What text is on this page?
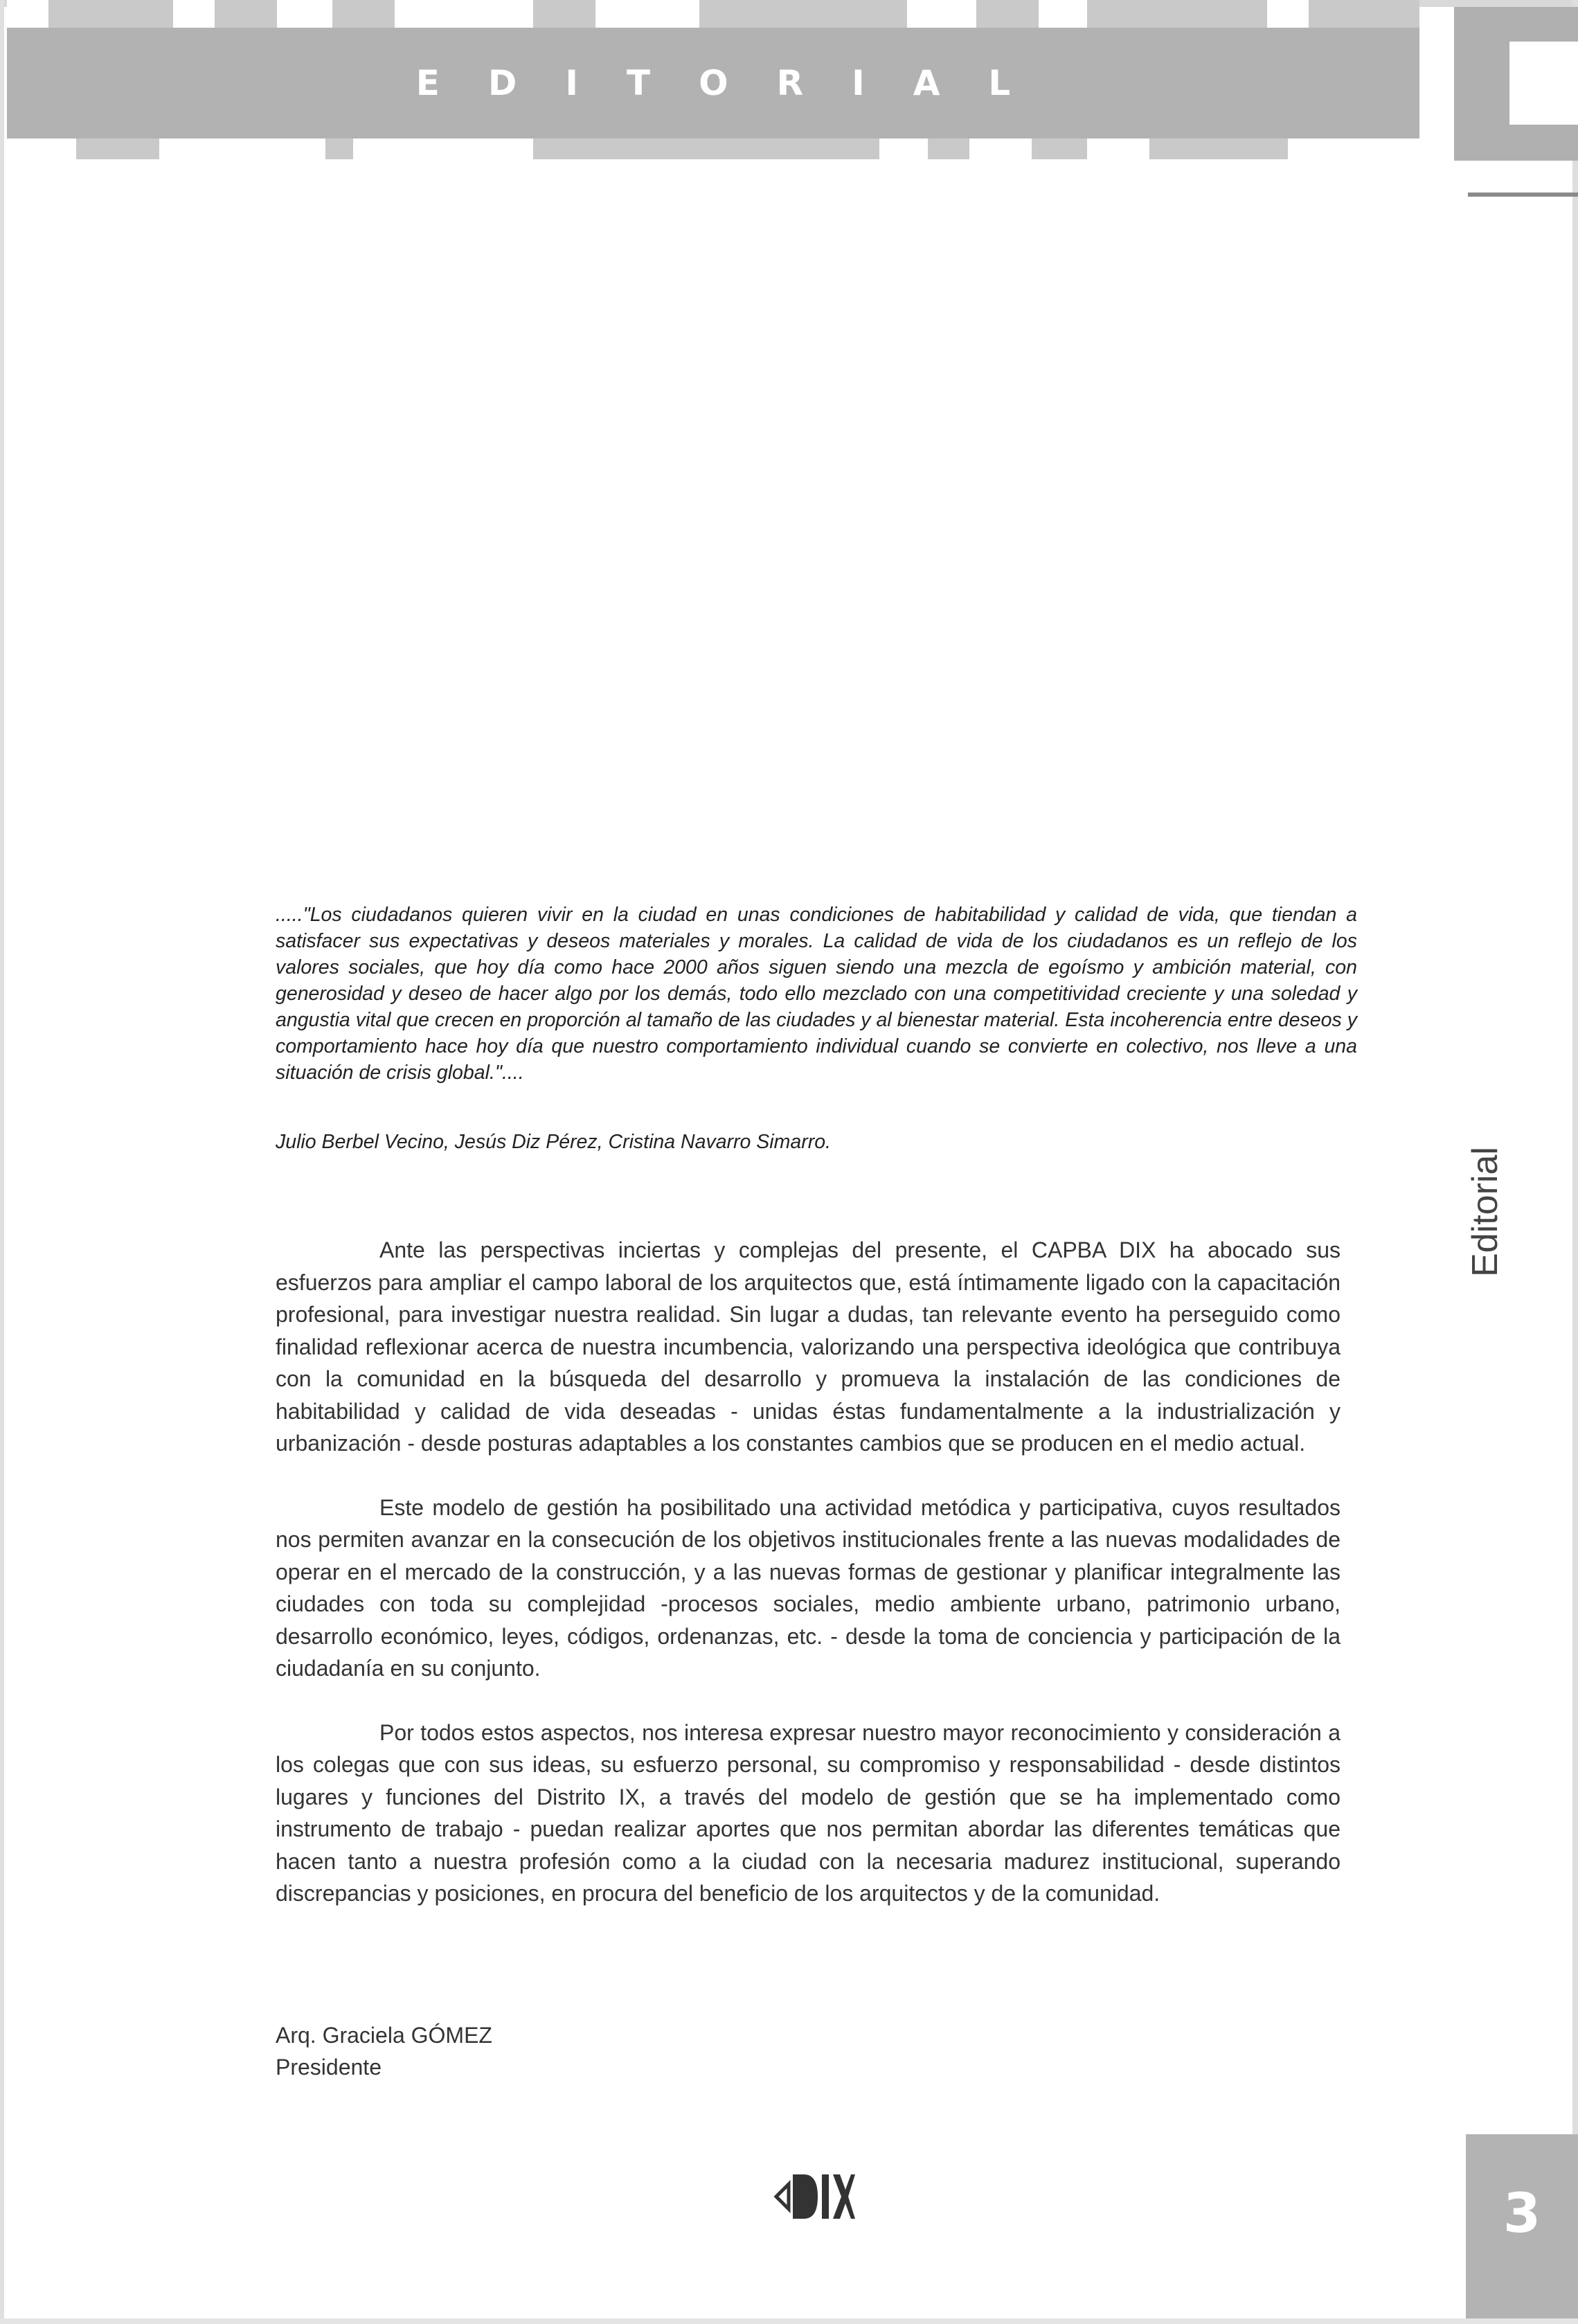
EDITORIAL
....."Los ciudadanos quieren vivir en la ciudad en unas condiciones de habitabilidad y calidad de vida, que tiendan a satisfacer sus expectativas y deseos materiales y morales. La calidad de vida de los ciudadanos es un reflejo de los valores sociales, que hoy día como hace 2000 años siguen siendo una mezcla de egoísmo y ambición material, con generosidad y deseo de hacer algo por los demás, todo ello mezclado con una competitividad creciente y una soledad y angustia vital que crecen en proporción al tamaño de las ciudades y al bienestar material. Esta incoherencia entre deseos y comportamiento hace hoy día que nuestro comportamiento individual cuando se convierte en colectivo, nos lleve a una situación de crisis global."....
Julio Berbel Vecino, Jesús Diz Pérez, Cristina Navarro Simarro.
Editorial

Ante las perspectivas inciertas y complejas del presente, el CAPBA DIX ha abocado sus esfuerzos para ampliar el campo laboral de los arquitectos que, está íntimamente ligado con la capacitación profesional, para investigar nuestra realidad. Sin lugar a dudas, tan relevante evento ha perseguido como finalidad reflexionar acerca de nuestra incumbencia, valorizando una perspectiva ideológica que contribuya con la comunidad en la búsqueda del desarrollo y promueva la instalación de las condiciones de habitabilidad y calidad de vida deseadas - unidas éstas fundamentalmente a la industrialización y urbanización - desde posturas adaptables a los constantes cambios que se producen en el medio actual.

Este modelo de gestión ha posibilitado una actividad metódica y participativa, cuyos resultados nos permiten avanzar en la consecución de los objetivos institucionales frente a las nuevas modalidades de operar en el mercado de la construcción, y a las nuevas formas de gestionar y planificar integralmente las ciudades con toda su complejidad -procesos sociales, medio ambiente urbano, patrimonio urbano, desarrollo económico, leyes, códigos, ordenanzas, etc. - desde la toma de conciencia y participación de la ciudadanía en su conjunto.

Por todos estos aspectos, nos interesa expresar nuestro mayor reconocimiento y consideración a los colegas que con sus ideas, su esfuerzo personal, su compromiso y responsabilidad - desde distintos lugares y funciones del Distrito IX, a través del modelo de gestión que se ha implementado como instrumento de trabajo - puedan realizar aportes que nos permitan abordar las diferentes temáticas que hacen tanto a nuestra profesión como a la ciudad con la necesaria madurez institucional, superando discrepancias y posiciones, en procura del beneficio de los arquitectos y de la comunidad.

Arq. Graciela GÓMEZ
Presidente
3
